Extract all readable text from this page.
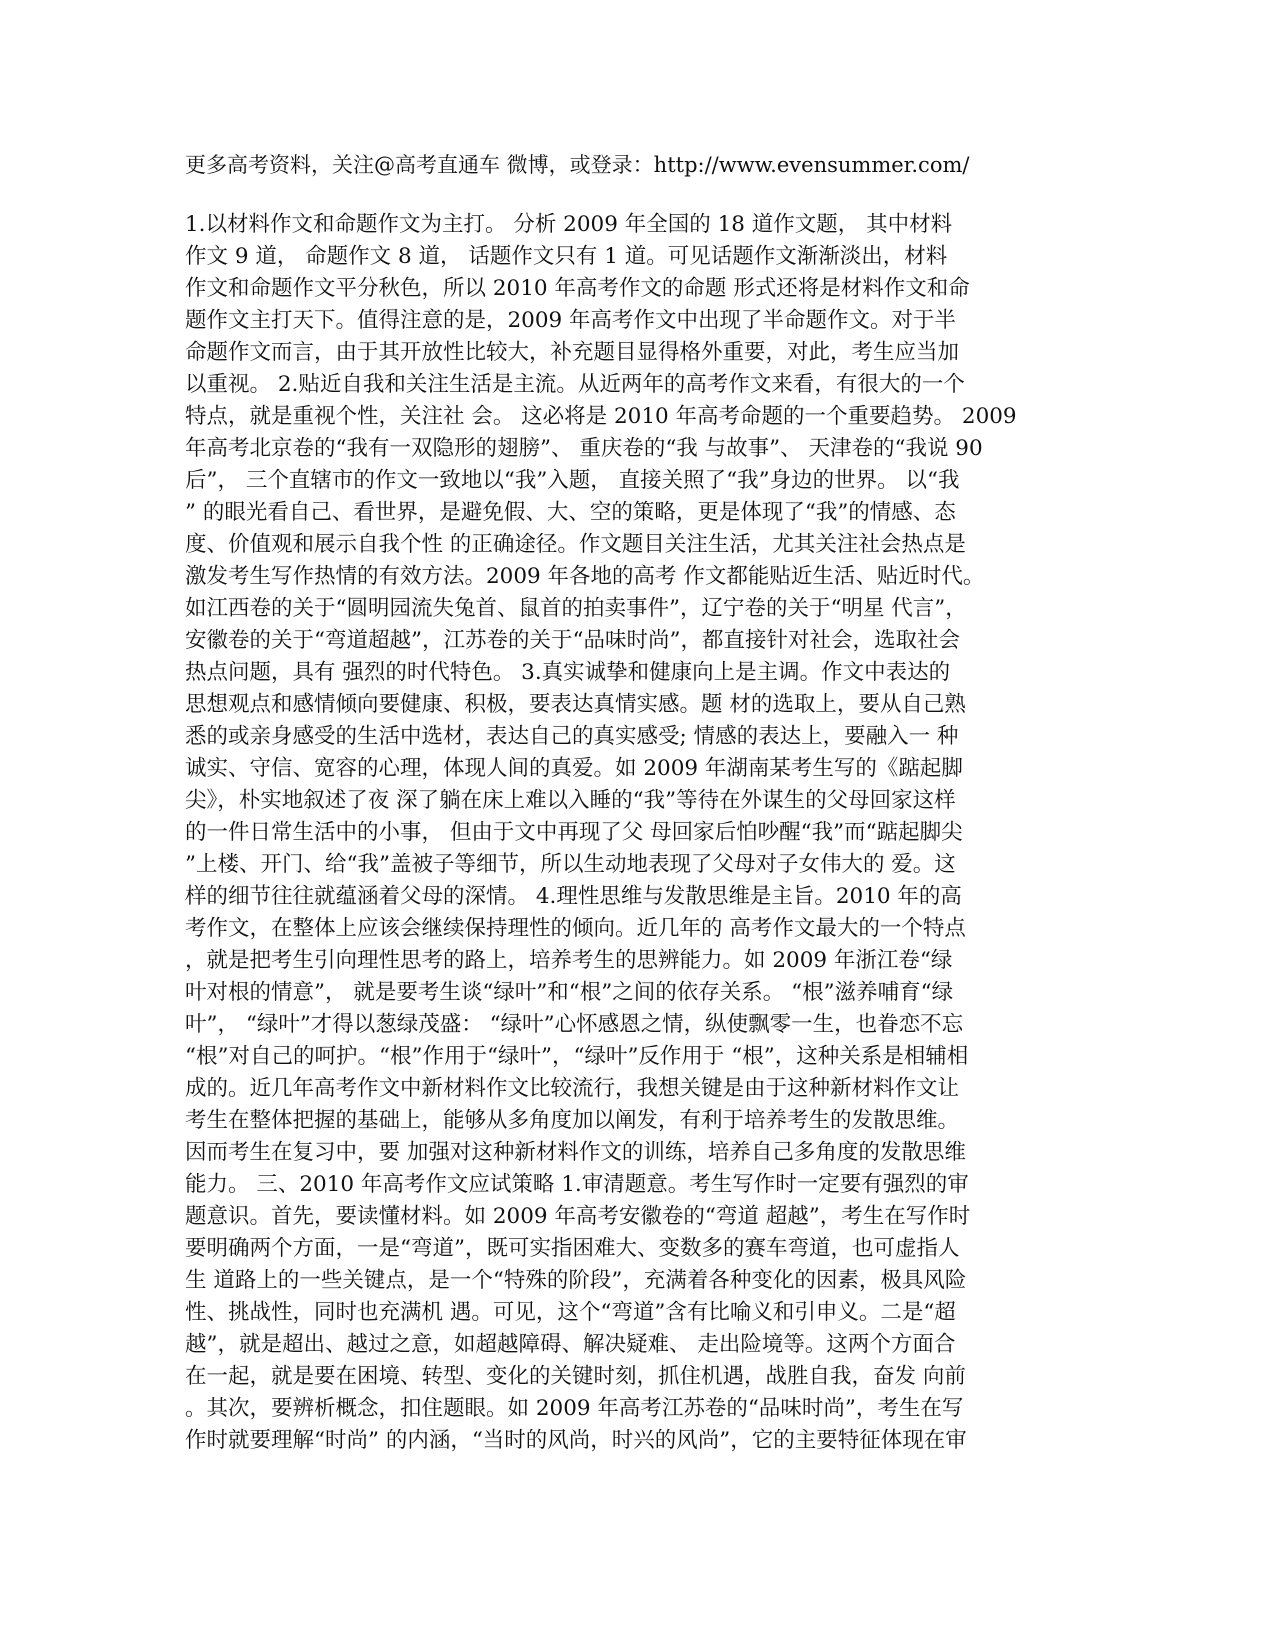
更多高考资料，关注@高考直通车 微博，或登录：http://www.evensummer.com/
1.以材料作文和命题作文为主打。 分析 2009 年全国的 18 道作文题， 其中材料
作文 9 道， 命题作文 8 道， 话题作文只有 1 道。可见话题作文渐渐淡出，材料
作文和命题作文平分秋色，所以 2010 年高考作文的命题 形式还将是材料作文和命
题作文主打天下。值得注意的是，2009 年高考作文中出现了半命题作文。对于半
命题作文而言，由于其开放性比较大，补充题目显得格外重要，对此，考生应当加
以重视。 2.贴近自我和关注生活是主流。从近两年的高考作文来看，有很大的一个
特点，就是重视个性，关注社 会。 这必将是 2010 年高考命题的一个重要趋势。 2009
年高考北京卷的“我有一双隐形的翅膀”、 重庆卷的“我 与故事”、 天津卷的“我说 90
后”， 三个直辖市的作文一致地以“我”入题， 直接关照了“我”身边的世界。 以“我
” 的眼光看自己、看世界，是避免假、大、空的策略，更是体现了“我”的情感、态
度、价值观和展示自我个性 的正确途径。作文题目关注生活，尤其关注社会热点是
激发考生写作热情的有效方法。2009 年各地的高考 作文都能贴近生活、贴近时代。
如江西卷的关于“圆明园流失兔首、鼠首的拍卖事件”，辽宁卷的关于“明星 代言”，
安徽卷的关于“弯道超越”，江苏卷的关于“品味时尚”，都直接针对社会，选取社会
热点问题，具有 强烈的时代特色。 3.真实诚挚和健康向上是主调。作文中表达的
思想观点和感情倾向要健康、积极，要表达真情实感。题 材的选取上，要从自己熟
悉的或亲身感受的生活中选材，表达自己的真实感受; 情感的表达上，要融入一 种
诚实、守信、宽容的心理，体现人间的真爱。如 2009 年湖南某考生写的《踮起脚
尖》，朴实地叙述了夜 深了躺在床上难以入睡的“我”等待在外谋生的父母回家这样
的一件日常生活中的小事， 但由于文中再现了父 母回家后怕吵醒“我”而“踮起脚尖
”上楼、开门、给“我”盖被子等细节，所以生动地表现了父母对子女伟大的 爱。这
样的细节往往就蕴涵着父母的深情。 4.理性思维与发散思维是主旨。2010 年的高
考作文，在整体上应该会继续保持理性的倾向。近几年的 高考作文最大的一个特点
，就是把考生引向理性思考的路上，培养考生的思辨能力。如 2009 年浙江卷“绿
叶对根的情意”， 就是要考生谈“绿叶”和“根”之间的依存关系。 “根”滋养哺育“绿
叶”， “绿叶”才得以葱绿茂盛： “绿叶”心怀感恩之情，纵使飘零一生，也眷恋不忘
“根”对自己的呵护。“根”作用于“绿叶”，“绿叶”反作用于 “根”，这种关系是相辅相
成的。近几年高考作文中新材料作文比较流行，我想关键是由于这种新材料作文让
考生在整体把握的基础上，能够从多角度加以阐发，有利于培养考生的发散思维。
因而考生在复习中，要 加强对这种新材料作文的训练，培养自己多角度的发散思维
能力。 三、2010 年高考作文应试策略 1.审清题意。考生写作时一定要有强烈的审
题意识。首先，要读懂材料。如 2009 年高考安徽卷的“弯道 超越”，考生在写作时
要明确两个方面，一是“弯道”，既可实指困难大、变数多的赛车弯道，也可虚指人
生 道路上的一些关键点，是一个“特殊的阶段”，充满着各种变化的因素，极具风险
性、挑战性，同时也充满机 遇。可见，这个“弯道”含有比喻义和引申义。二是“超
越”，就是超出、越过之意，如超越障碍、解决疑难、 走出险境等。这两个方面合
在一起，就是要在困境、转型、变化的关键时刻，抓住机遇，战胜自我，奋发 向前
。其次，要辨析概念，扣住题眼。如 2009 年高考江苏卷的“品味时尚”，考生在写
作时就要理解“时尚” 的内涵，“当时的风尚，时兴的风尚”，它的主要特征体现在审
